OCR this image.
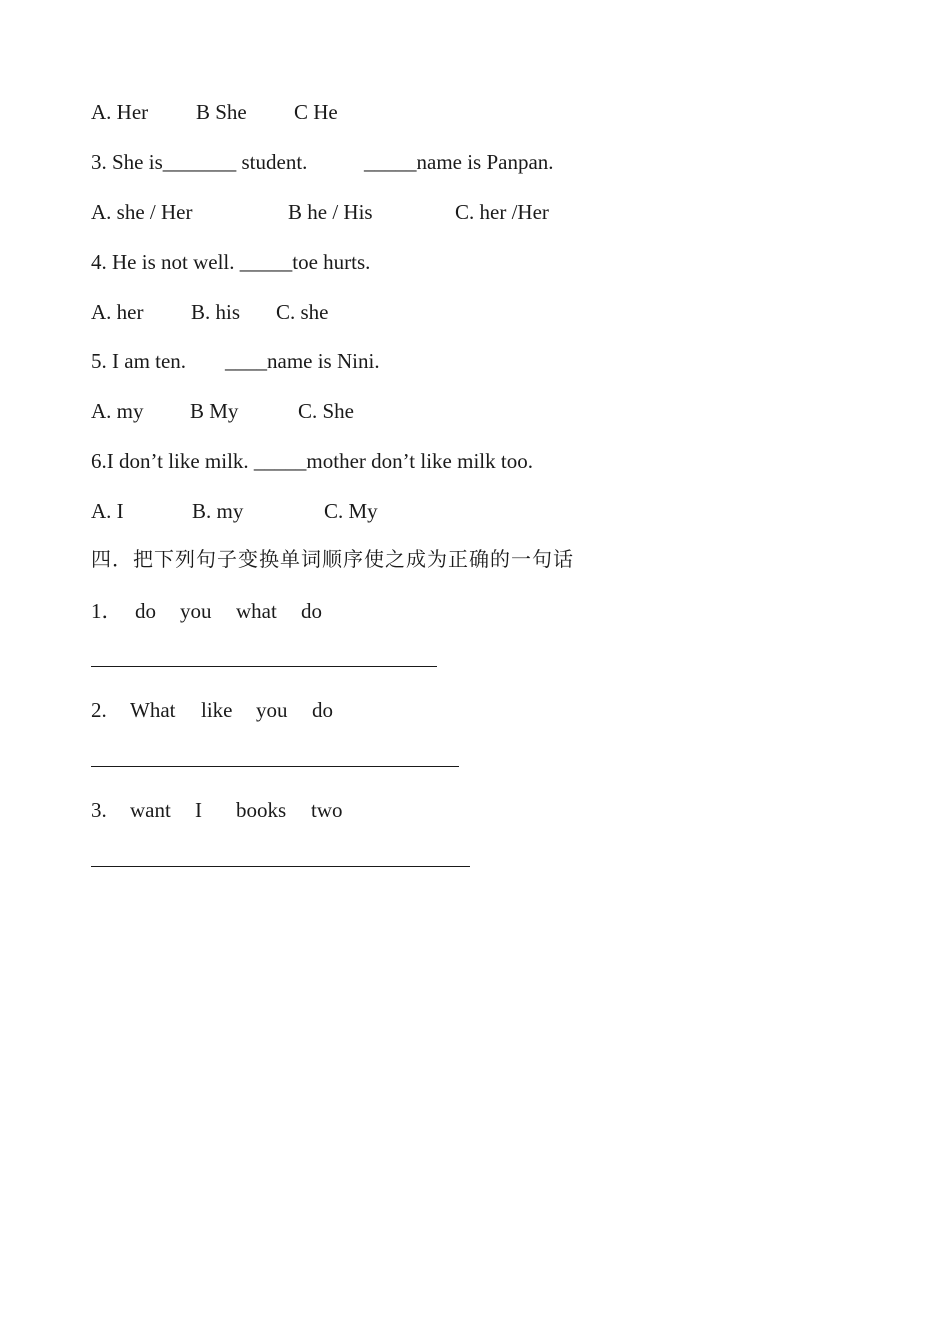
A. Her

B She

C He

3. She is_______ student.

	_____name is Panpan.

A. she / Her

	B he / His

	C. her /Her

4. He is not well. _____toe hurts.

A. her

B. his

C. she

5. I am ten.

____name is Nini.

A. my

B My

	C. She

6.I don’t like milk. _____mother don’t like milk too.

A. I

	B. my

	C. My

四．把下列句子变换单词顺序使之成为正确的一句话

1．

do

you

what

do

2.

What

like

you

do

3.

want

I

books

two
